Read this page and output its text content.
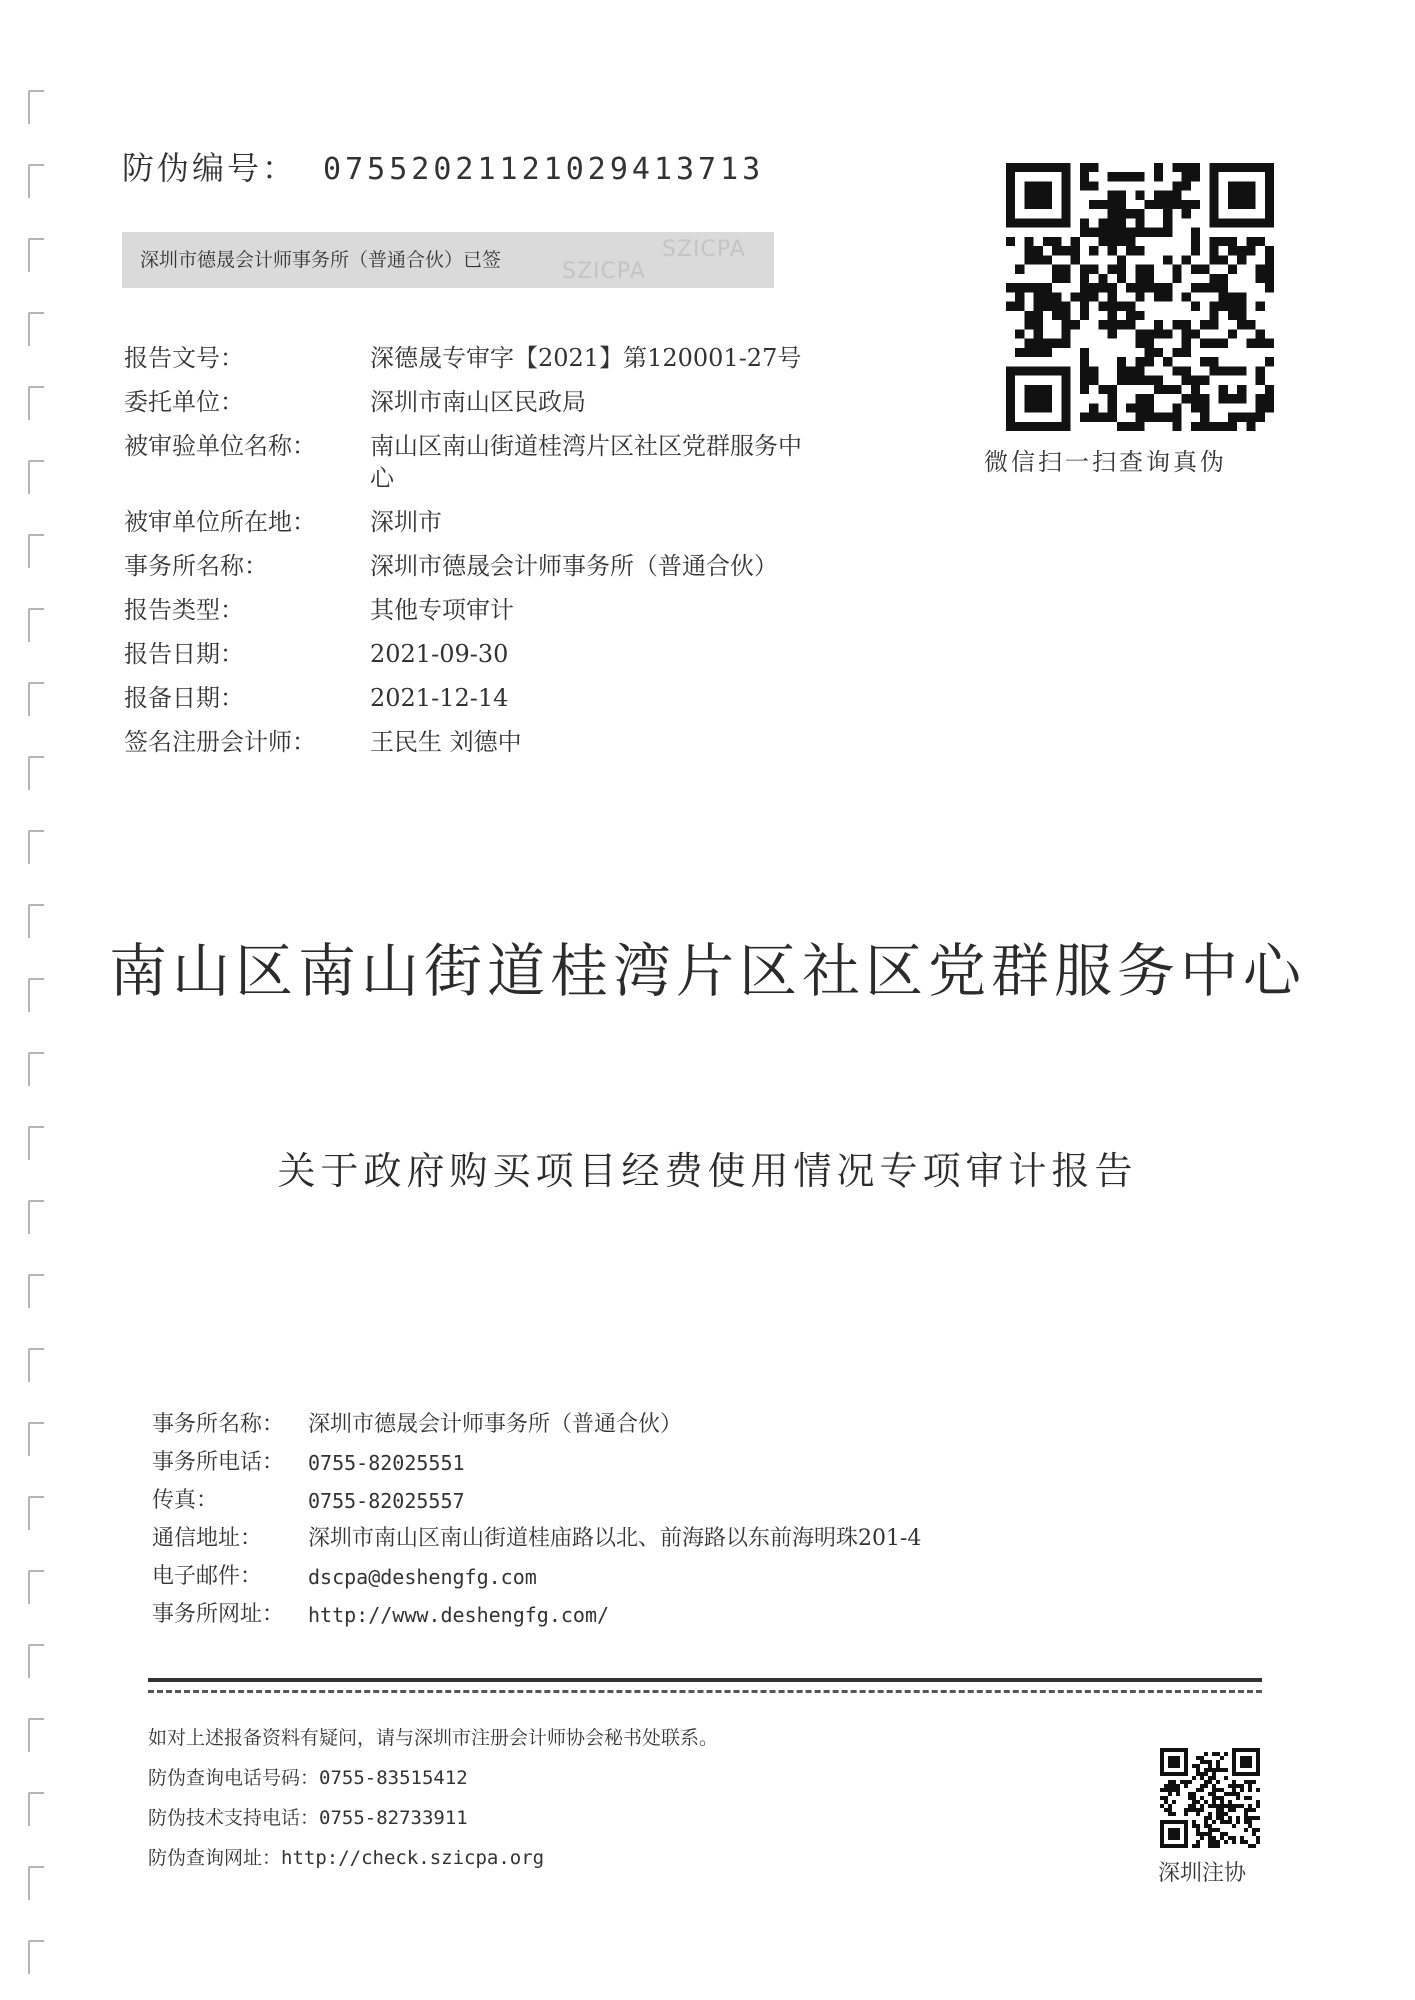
防伪编号： 07552021121029413713
深圳市德晟会计师事务所（普通合伙）已签	SZICPA
SZICPA
报告文号：	深德晟专审字【2021】第120001-27号
委托单位：	深圳市南山区民政局
被审验单位名称：	南山区南山街道桂湾片区社区党群服务中心
被审单位所在地：	深圳市
事务所名称：	深圳市德晟会计师事务所（普通合伙）
报告类型：	其他专项审计
报告日期：	2021-09-30
报备日期：	2021-12-14
签名注册会计师：	王民生 刘德中
微信扫一扫查询真伪
南山区南山街道桂湾片区社区党群服务中心
关于政府购买项目经费使用情况专项审计报告
事务所名称：	深圳市德晟会计师事务所（普通合伙）
事务所电话：	0755-82025551
传真：	0755-82025557
通信地址：	深圳市南山区南山街道桂庙路以北、前海路以东前海明珠201-4
电子邮件：	dscpa@deshengfg.com
事务所网址：	http://www.deshengfg.com/
如对上述报备资料有疑问，请与深圳市注册会计师协会秘书处联系。
防伪查询电话号码：0755-83515412
防伪技术支持电话：0755-82733911
防伪查询网址：http://check.szicpa.org
深圳注协
